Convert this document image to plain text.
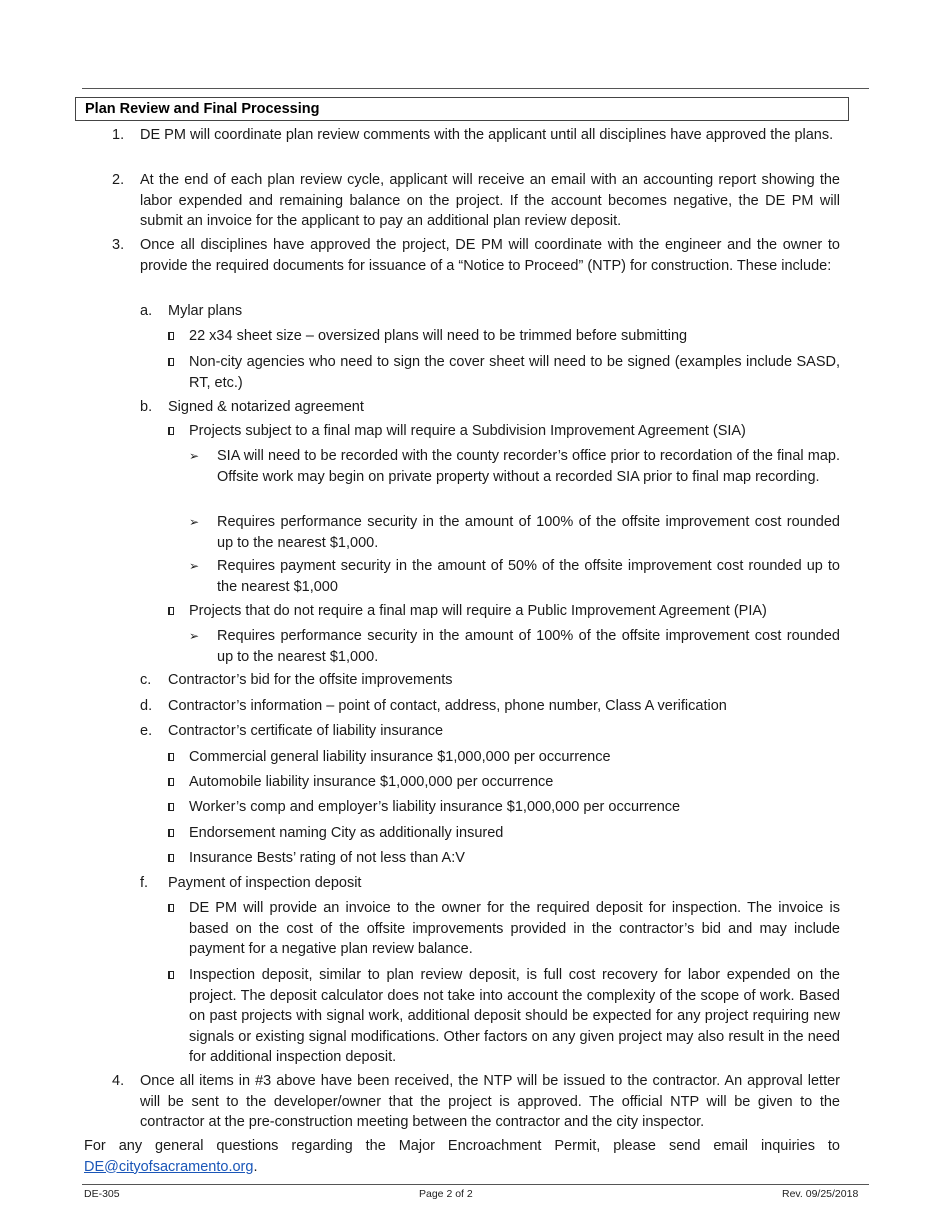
Plan Review and Final Processing
1. DE PM will coordinate plan review comments with the applicant until all disciplines have approved the plans.
2. At the end of each plan review cycle, applicant will receive an email with an accounting report showing the labor expended and remaining balance on the project. If the account becomes negative, the DE PM will submit an invoice for the applicant to pay an additional plan review deposit.
3. Once all disciplines have approved the project, DE PM will coordinate with the engineer and the owner to provide the required documents for issuance of a “Notice to Proceed” (NTP) for construction. These include:
a. Mylar plans
22 x34 sheet size – oversized plans will need to be trimmed before submitting
Non-city agencies who need to sign the cover sheet will need to be signed (examples include SASD, RT, etc.)
b. Signed & notarized agreement
Projects subject to a final map will require a Subdivision Improvement Agreement (SIA)
➢ SIA will need to be recorded with the county recorder’s office prior to recordation of the final map. Offsite work may begin on private property without a recorded SIA prior to final map recording.
➢ Requires performance security in the amount of 100% of the offsite improvement cost rounded up to the nearest $1,000.
➢ Requires payment security in the amount of 50% of the offsite improvement cost rounded up to the nearest $1,000
Projects that do not require a final map will require a Public Improvement Agreement (PIA)
➢ Requires performance security in the amount of 100% of the offsite improvement cost rounded up to the nearest $1,000.
c. Contractor’s bid for the offsite improvements
d. Contractor’s information – point of contact, address, phone number, Class A verification
e. Contractor’s certificate of liability insurance
Commercial general liability insurance $1,000,000 per occurrence
Automobile liability insurance $1,000,000 per occurrence
Worker’s comp and employer’s liability insurance $1,000,000 per occurrence
Endorsement naming City as additionally insured
Insurance Bests’ rating of not less than A:V
f. Payment of inspection deposit
DE PM will provide an invoice to the owner for the required deposit for inspection. The invoice is based on the cost of the offsite improvements provided in the contractor’s bid and may include payment for a negative plan review balance.
Inspection deposit, similar to plan review deposit, is full cost recovery for labor expended on the project. The deposit calculator does not take into account the complexity of the scope of work. Based on past projects with signal work, additional deposit should be expected for any project requiring new signals or existing signal modifications. Other factors on any given project may also result in the need for additional inspection deposit.
4. Once all items in #3 above have been received, the NTP will be issued to the contractor. An approval letter will be sent to the developer/owner that the project is approved. The official NTP will be given to the contractor at the pre-construction meeting between the contractor and the city inspector.
For any general questions regarding the Major Encroachment Permit, please send email inquiries to DE@cityofsacramento.org.
DE-305	Page 2 of 2	Rev. 09/25/2018
